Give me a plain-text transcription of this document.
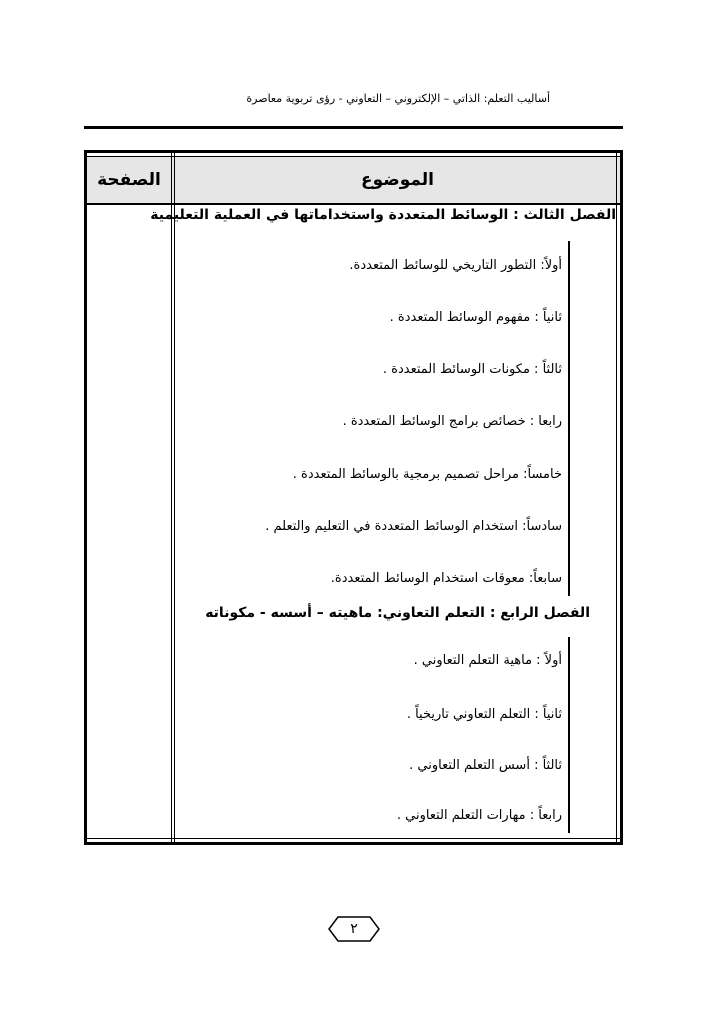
أساليب التعلم: الذاتي – الإلكتروني – التعاوني - رؤى تربوية معاصرة
الصفحة	الموضوع
الفصل الثالث : الوسائط المتعددة واستخداماتها في العملية التعليمية
أولاً: التطور التاريخي للوسائط المتعددة.
ثانياً : مفهوم الوسائط المتعددة .
ثالثاً : مكونات الوسائط المتعددة .
رابعا : خصائص برامج الوسائط المتعددة .
خامساً: مراحل تصميم برمجية بالوسائط المتعددة .
سادساً: استخدام الوسائط المتعددة في التعليم والتعلم .
سابعاً: معوقات استخدام الوسائط المتعددة.
الفصل الرابع : التعلم التعاوني: ماهيته – أسسه - مكوناته
أولاً : ماهية التعلم التعاوني .
ثانياً : التعلم التعاوني تاريخياً .
ثالثاً : أسس التعلم التعاوني .
رابعاً : مهارات التعلم التعاوني .
٢
